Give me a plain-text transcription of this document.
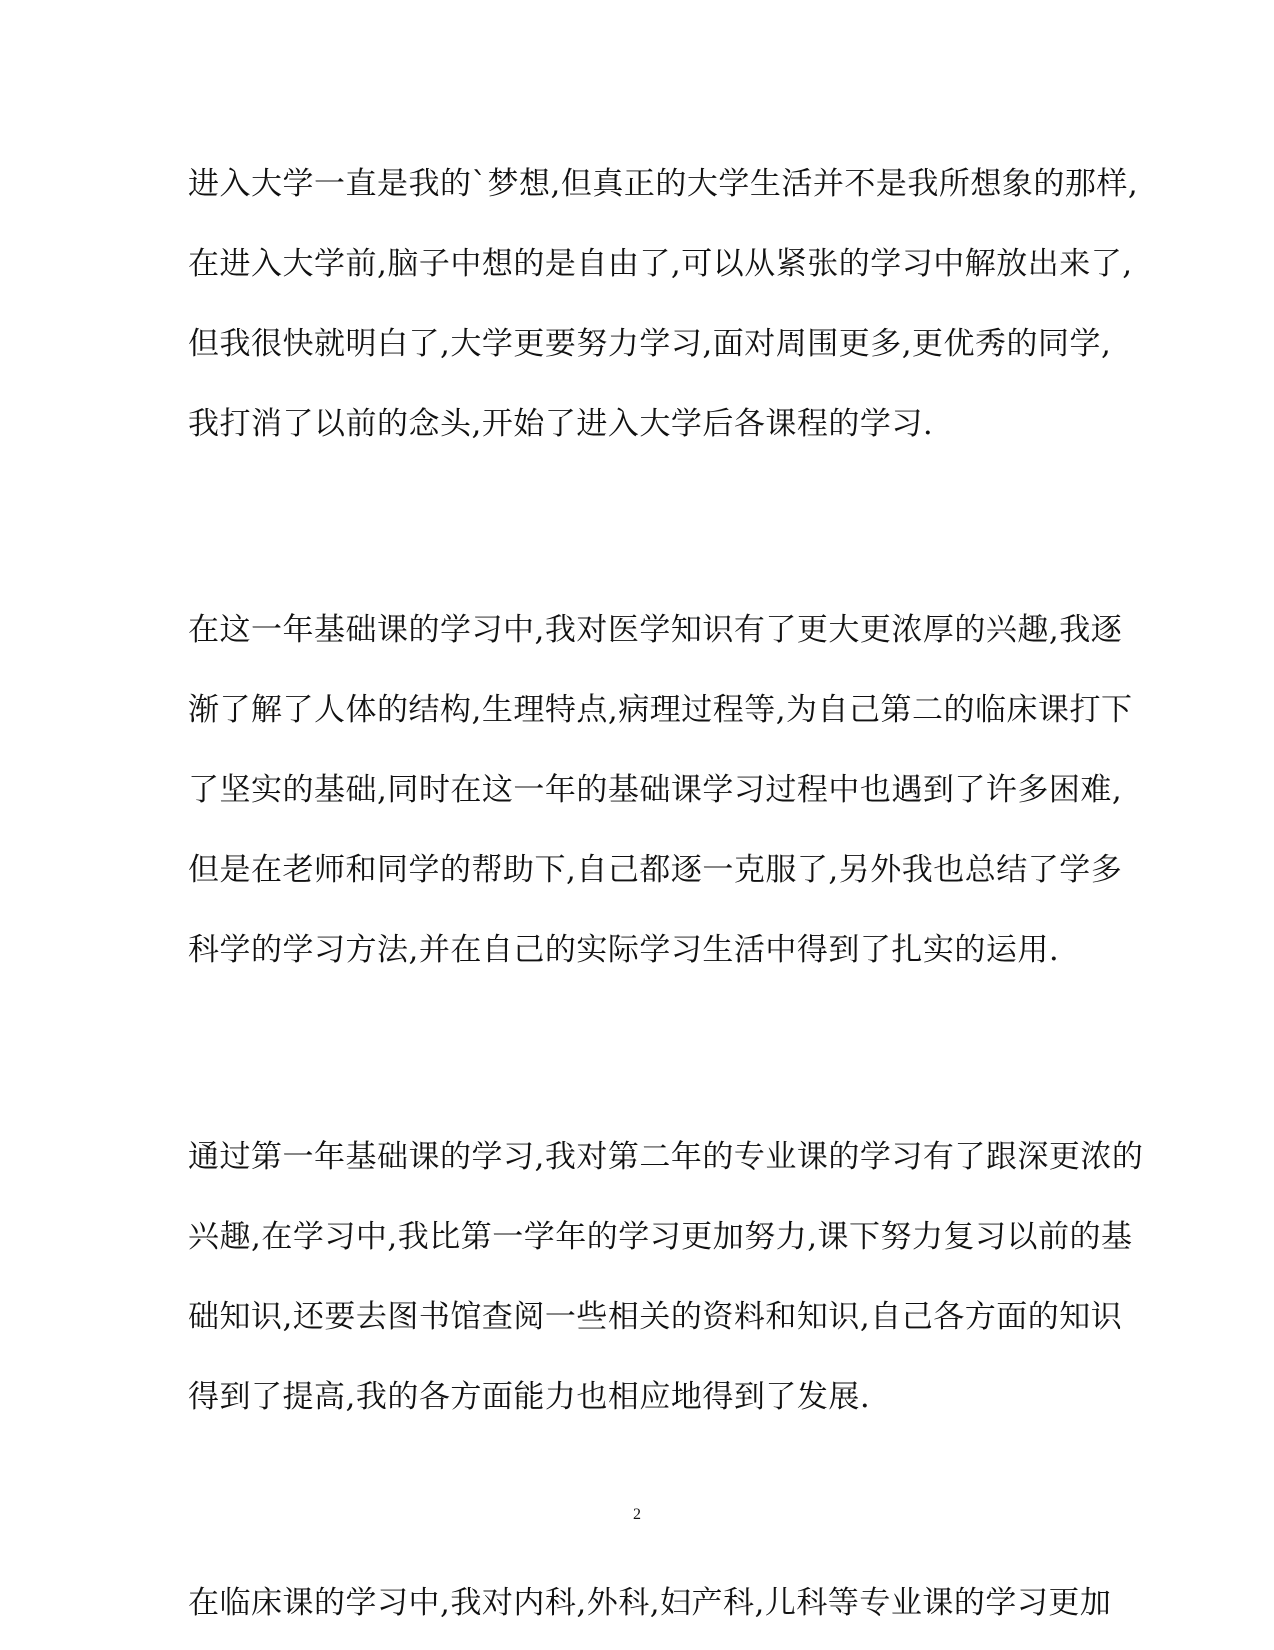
进入大学一直是我的`梦想,但真正的大学生活并不是我所想象的那样,
在进入大学前,脑子中想的是自由了,可以从紧张的学习中解放出来了,
但我很快就明白了,大学更要努力学习,面对周围更多,更优秀的同学,
我打消了以前的念头,开始了进入大学后各课程的学习.
在这一年基础课的学习中,我对医学知识有了更大更浓厚的兴趣,我逐
渐了解了人体的结构,生理特点,病理过程等,为自己第二的临床课打下
了坚实的基础,同时在这一年的基础课学习过程中也遇到了许多困难,
但是在老师和同学的帮助下,自己都逐一克服了,另外我也总结了学多
科学的学习方法,并在自己的实际学习生活中得到了扎实的运用.
通过第一年基础课的学习,我对第二年的专业课的学习有了跟深更浓的
兴趣,在学习中,我比第一学年的学习更加努力,课下努力复习以前的基
础知识,还要去图书馆查阅一些相关的资料和知识,自己各方面的知识
得到了提高,我的各方面能力也相应地得到了发展.
在临床课的学习中,我对内科,外科,妇产科,儿科等专业课的学习更加
2
